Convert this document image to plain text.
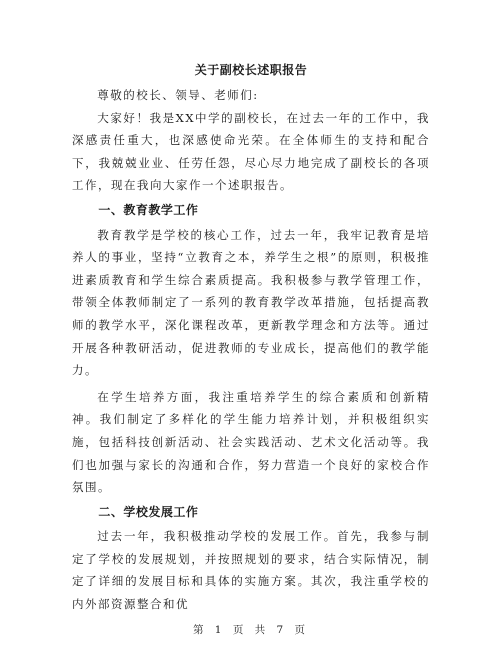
关于副校长述职报告

尊敬的校长、领导、老师们:

大家好！我是XX中学的副校长，在过去一年的工作中，我深感责任重大，也深感使命光荣。在全体师生的支持和配合下，我兢兢业业、任劳任怨，尽心尽力地完成了副校长的各项工作，现在我向大家作一个述职报告。

一、教育教学工作

教育教学是学校的核心工作，过去一年，我牢记教育是培养人的事业，坚持“立教育之本，养学生之根”的原则，积极推进素质教育和学生综合素质提高。我积极参与教学管理工作，带领全体教师制定了一系列的教育教学改革措施，包括提高教师的教学水平，深化课程改革，更新教学理念和方法等。通过开展各种教研活动，促进教师的专业成长，提高他们的教学能力。

在学生培养方面，我注重培养学生的综合素质和创新精神。我们制定了多样化的学生能力培养计划，并积极组织实施，包括科技创新活动、社会实践活动、艺术文化活动等。我们也加强与家长的沟通和合作，努力营造一个良好的家校合作氛围。

二、学校发展工作

过去一年，我积极推动学校的发展工作。首先，我参与制定了学校的发展规划，并按照规划的要求，结合实际情况，制定了详细的发展目标和具体的实施方案。其次，我注重学校的内外部资源整合和优

第 1 页 共 7 页
